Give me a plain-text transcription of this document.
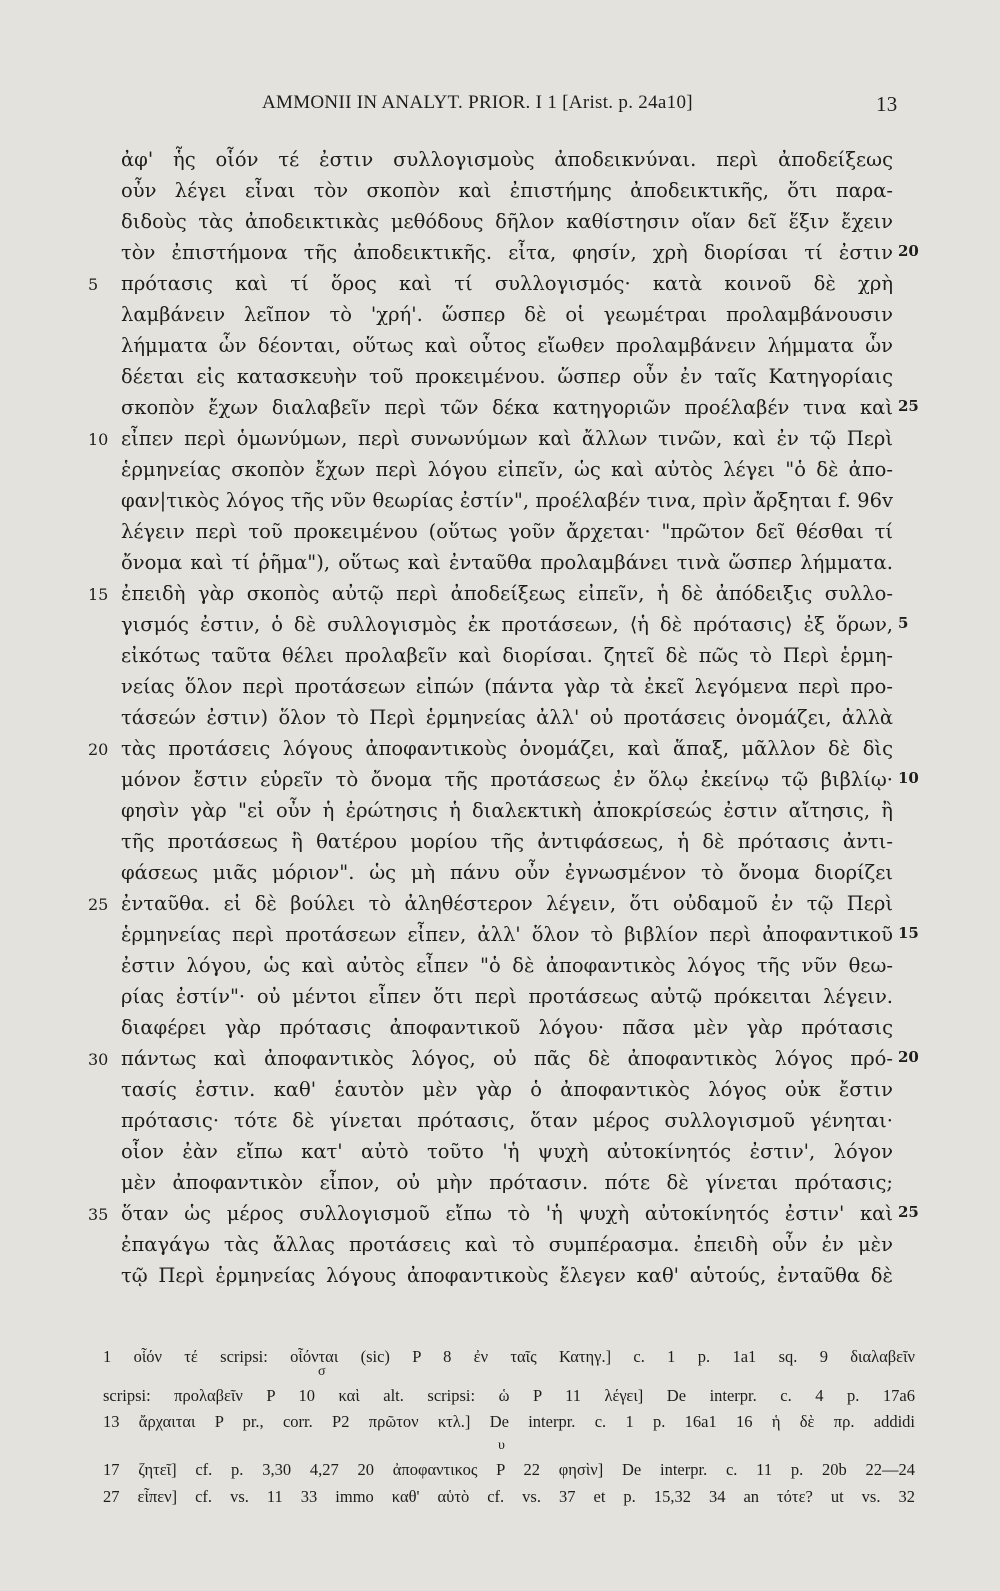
AMMONII IN ANALYT. PRIOR. I 1 [Arist. p. 24a10]	13
ἀφ' ἧς οἷόν τέ ἐστιν συλλογισμοὺς ἀποδεικνύναι. περὶ ἀποδείξεως
οὖν λέγει εἶναι τὸν σκοπὸν καὶ ἐπιστήμης ἀποδεικτικῆς, ὅτι παρα-
διδοὺς τὰς ἀποδεικτικὰς μεθόδους δῆλον καθίστησιν οἵαν δεῖ ἕξιν ἔχειν
τὸν ἐπιστήμονα τῆς ἀποδεικτικῆς. εἶτα, φησίν, χρὴ διορίσαι τί ἐστιν
πρότασις καὶ τί ὅρος καὶ τί συλλογισμός· κατὰ κοινοῦ δὲ χρὴ
λαμβάνειν λεῖπον τὸ 'χρή'. ὥσπερ δὲ οἱ γεωμέτραι προλαμβάνουσιν
λήμματα ὧν δέονται, οὕτως καὶ οὗτος εἴωθεν προλαμβάνειν λήμματα ὧν
δέεται εἰς κατασκευὴν τοῦ προκειμένου. ὥσπερ οὖν ἐν ταῖς Κατηγορίαις
σκοπὸν ἔχων διαλαβεῖν περὶ τῶν δέκα κατηγοριῶν προέλαβέν τινα καὶ
εἶπεν περὶ ὁμωνύμων, περὶ συνωνύμων καὶ ἄλλων τινῶν, καὶ ἐν τῷ Περὶ
ἑρμηνείας σκοπὸν ἔχων περὶ λόγου εἰπεῖν, ὡς καὶ αὐτὸς λέγει "ὁ δὲ ἀπο-
φαν|τικὸς λόγος τῆς νῦν θεωρίας ἐστίν", προέλαβέν τινα, πρὶν ἄρξηται f. 96v
λέγειν περὶ τοῦ προκειμένου (οὕτως γοῦν ἄρχεται· "πρῶτον δεῖ θέσθαι τί
ὄνομα καὶ τί ῥῆμα"), οὕτως καὶ ἐνταῦθα προλαμβάνει τινὰ ὥσπερ λήμματα.
ἐπειδὴ γὰρ σκοπὸς αὐτῷ περὶ ἀποδείξεως εἰπεῖν, ἡ δὲ ἀπόδειξις συλλο-
γισμός ἐστιν, ὁ δὲ συλλογισμὸς ἐκ προτάσεων, ⟨ἡ δὲ πρότασις⟩ ἐξ ὅρων,
εἰκότως ταῦτα θέλει προλαβεῖν καὶ διορίσαι. ζητεῖ δὲ πῶς τὸ Περὶ ἑρμη-
νείας ὅλον περὶ προτάσεων εἰπών (πάντα γὰρ τὰ ἐκεῖ λεγόμενα περὶ προ-
τάσεών ἐστιν) ὅλον τὸ Περὶ ἑρμηνείας ἀλλ' οὐ προτάσεις ὀνομάζει, ἀλλὰ
τὰς προτάσεις λόγους ἀποφαντικοὺς ὀνομάζει, καὶ ἅπαξ, μᾶλλον δὲ δὶς
μόνον ἔστιν εὑρεῖν τὸ ὄνομα τῆς προτάσεως ἐν ὅλῳ ἐκείνῳ τῷ βιβλίῳ·
φησὶν γὰρ "εἰ οὖν ἡ ἐρώτησις ἡ διαλεκτικὴ ἀποκρίσεώς ἐστιν αἴτησις, ἢ
τῆς προτάσεως ἢ θατέρου μορίου τῆς ἀντιφάσεως, ἡ δὲ πρότασις ἀντι-
φάσεως μιᾶς μόριον". ὡς μὴ πάνυ οὖν ἐγνωσμένον τὸ ὄνομα διορίζει
ἐνταῦθα. εἰ δὲ βούλει τὸ ἀληθέστερον λέγειν, ὅτι οὐδαμοῦ ἐν τῷ Περὶ
ἑρμηνείας περὶ προτάσεων εἶπεν, ἀλλ' ὅλον τὸ βιβλίον περὶ ἀποφαντικοῦ
ἐστιν λόγου, ὡς καὶ αὐτὸς εἶπεν "ὁ δὲ ἀποφαντικὸς λόγος τῆς νῦν θεω-
ρίας ἐστίν"· οὐ μέντοι εἶπεν ὅτι περὶ προτάσεως αὐτῷ πρόκειται λέγειν.
διαφέρει γὰρ πρότασις ἀποφαντικοῦ λόγου· πᾶσα μὲν γὰρ πρότασις
πάντως καὶ ἀποφαντικὸς λόγος, οὐ πᾶς δὲ ἀποφαντικὸς λόγος πρό-
τασίς ἐστιν. καθ' ἑαυτὸν μὲν γὰρ ὁ ἀποφαντικὸς λόγος οὐκ ἔστιν
πρότασις· τότε δὲ γίνεται πρότασις, ὅταν μέρος συλλογισμοῦ γένηται·
οἷον ἐὰν εἴπω κατ' αὐτὸ τοῦτο 'ἡ ψυχὴ αὐτοκίνητός ἐστιν', λόγον
μὲν ἀποφαντικὸν εἶπον, οὐ μὴν πρότασιν. πότε δὲ γίνεται πρότασις;
ὅταν ὡς μέρος συλλογισμοῦ εἴπω τὸ 'ἡ ψυχὴ αὐτοκίνητός ἐστιν' καὶ
ἐπαγάγω τὰς ἄλλας προτάσεις καὶ τὸ συμπέρασμα. ἐπειδὴ οὖν ἐν μὲν
τῷ Περὶ ἑρμηνείας λόγους ἀποφαντικοὺς ἔλεγεν καθ' αὑτούς, ἐνταῦθα δὲ
5
10
15
20
25
30
35
20
25
5
10
15
20
25
1 οἷόν τέ scripsi: οἷόνται (sic) P 8 ἐν ταῖς Κατηγ.] c. 1 p. 1a1 sq. 9 διαλαβεῖν
scripsi: προλαβεῖν P 10 καὶ alt. scripsi: ὡ P 11 λέγει] De interpr. c. 4 p. 17a6
13 ἄρχαιται P pr., corr. P2 πρῶτον κτλ.] De interpr. c. 1 p. 16a1 16 ἡ δὲ πρ. addidi
17 ζητεῖ] cf. p. 3,30 4,27 20 ἀποφαντικος P 22 φησὶν] De interpr. c. 11 p. 20b 22—24
27 εἶπεν] cf. vs. 11 33 immo καθ' αὑτὸ cf. vs. 37 et p. 15,32 34 an τότε? ut vs. 32
σ
υ
